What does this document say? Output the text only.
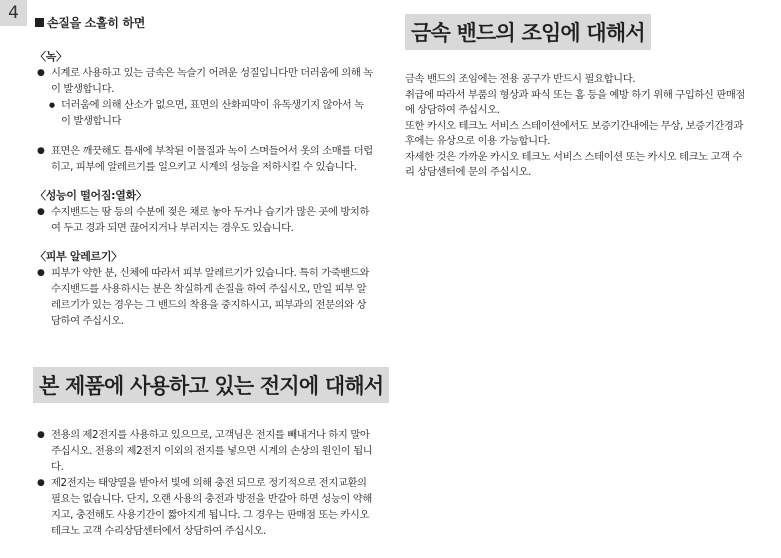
4	손질을 소홀히 하면
〈녹〉
● 시계로 사용하고 있는 금속은 녹슬기 어려운 성질입니다만 더러움에 의해 녹이 발생합니다.
● 더러움에 의해 산소가 없으면, 표면의 산화피막이 유독생기지 않아서 녹이 발생합니다
● 표면은 깨끗해도 틈새에 부착된 이물질과 녹이 스며들어서 옷의 소매를 더럽히고, 피부에 알레르기를 일으키고 시계의 성능을 저하시킬 수 있습니다.
〈성능이 떨어짐:열화〉
● 수지밴드는 땀 등의 수분에 젖은 채로 놓아 두거나 습기가 많은 곳에 방치하여 두고 경과 되면 끊어지거나 부러지는 경우도 있습니다.
〈피부 알레르기〉
● 피부가 약한 분, 신체에 따라서 피부 알레르기가 있습니다. 특히 가죽밴드와 수지밴드를 사용하시는 분은 착실하게 손질을 하여 주십시오, 만일 피부 알레르기가 있는 경우는 그 밴드의 착용을 중지하시고, 피부과의 전문의와 상담하여 주십시오.
본 제품에 사용하고 있는 전지에 대해서
● 전용의 제2전지를 사용하고 있으므로, 고객님은 전지를 빼내거나 하지 말아주십시오. 전용의 제2전지 이외의 전지를 넣으면 시계의 손상의 원인이 됩니다.
● 제2전지는 태양열을 받아서 빛에 의해 충전 되므로 정기적으로 전지교환의 필요는 없습니다. 단지, 오랜 사용의 충전과 방전을 반갈아 하면 성능이 약해지고, 충전해도 사용기간이 짧아지게 됩니다. 그 경우는 판매점 또는 카시오 테크노 고객 수리상담센터에서 상담하여 주십시오.
금속 밴드의 조임에 대해서
금속 밴드의 조임에는 전용 공구가 반드시 필요합니다.
취급에 따라서 부품의 형상과 파식 또는 홈 등을 예방 하기 위해 구입하신 판매점에 상담하여 주십시오.
또한 카시오 테크노 서비스 스테이션에서도 보증기간내에는 무상, 보증기간경과 후에는 유상으로 이용 가능합니다.
자세한 것은 가까운 카시오 테크노 서비스 스테이션 또는 카시오 테크노 고객 수리 상담센터에 문의 주십시오.
